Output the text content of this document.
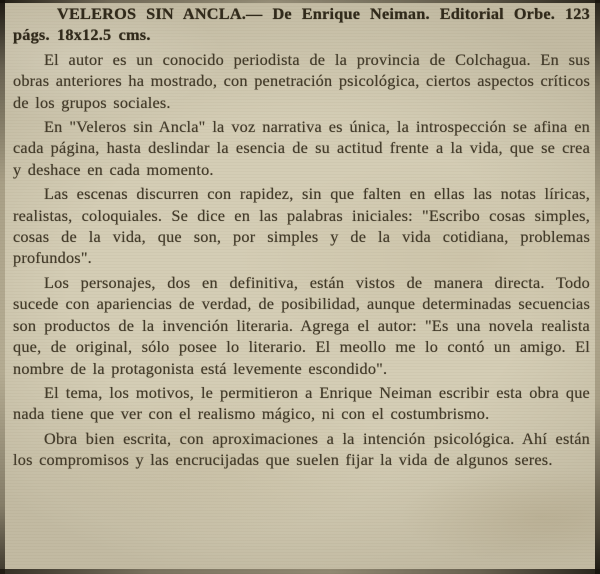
VELEROS SIN ANCLA.— De Enrique Neiman. Editorial Orbe. 123 págs. 18x12.5 cms.

El autor es un conocido periodista de la provincia de Colchagua. En sus obras anteriores ha mostrado, con penetración psicológica, ciertos aspectos críticos de los grupos sociales.

En "Veleros sin Ancla" la voz narrativa es única, la introspección se afina en cada página, hasta deslindar la esencia de su actitud frente a la vida, que se crea y deshace en cada momento.

Las escenas discurren con rapidez, sin que falten en ellas las notas líricas, realistas, coloquiales. Se dice en las palabras iniciales: "Escribo cosas simples, cosas de la vida, que son, por simples y de la vida cotidiana, problemas profundos".

Los personajes, dos en definitiva, están vistos de manera directa. Todo sucede con apariencias de verdad, de posibilidad, aunque determinadas secuencias son productos de la invención literaria. Agrega el autor: "Es una novela realista que, de original, sólo posee lo literario. El meollo me lo contó un amigo. El nombre de la protagonista está levemente escondido".

El tema, los motivos, le permitieron a Enrique Neiman escribir esta obra que nada tiene que ver con el realismo mágico, ni con el costumbrismo.

Obra bien escrita, con aproximaciones a la intención psicológica. Ahí están los compromisos y las encrucijadas que suelen fijar la vida de algunos seres.
